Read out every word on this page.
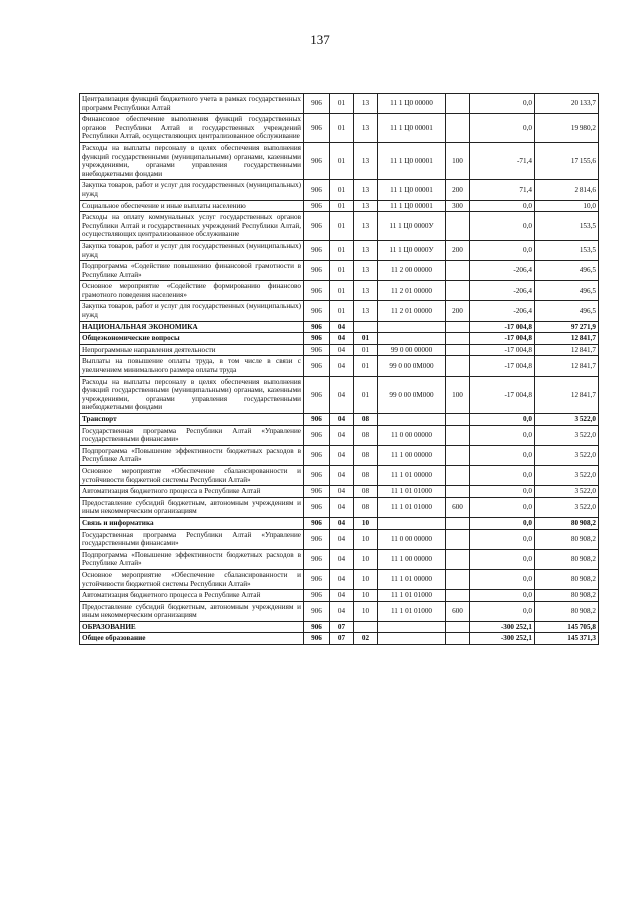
137
Централизация функций бюджетного учета в рамках государственных программ Республики Алтай	906	01	13	11 1 Ц0 00000		0,0	20 133,7
Финансовое обеспечение выполнения функций государственных органов Республики Алтай и государственных учреждений Республики Алтай, осуществляющих централизованное обслуживание	906	01	13	11 1 Ц0 00001		0,0	19 980,2
Расходы на выплаты персоналу в целях обеспечения выполнения функций государственными (муниципальными) органами, казенными учреждениями, органами управления государственными внебюджетными фондами	906	01	13	11 1 Ц0 00001	100	-71,4	17 155,6
Закупка товаров, работ и услуг для государственных (муниципальных) нужд	906	01	13	11 1 Ц0 00001	200	71,4	2 814,6
Социальное обеспечение и иные выплаты населению	906	01	13	11 1 Ц0 00001	300	0,0	10,0
Расходы на оплату коммунальных услуг государственных органов Республики Алтай и государственных учреждений Республики Алтай, осуществляющих централизованное обслуживание	906	01	13	11 1 Ц0 0000У		0,0	153,5
Закупка товаров, работ и услуг для государственных (муниципальных) нужд	906	01	13	11 1 Ц0 0000У	200	0,0	153,5
Подпрограмма «Содействие повышению финансовой грамотности в Республике Алтай»	906	01	13	11 2 00 00000		-206,4	496,5
Основное мероприятие «Содействие формированию финансово грамотного поведения населения»	906	01	13	11 2 01 00000		-206,4	496,5
Закупка товаров, работ и услуг для государственных (муниципальных) нужд	906	01	13	11 2 01 00000	200	-206,4	496,5
НАЦИОНАЛЬНАЯ ЭКОНОМИКА	906	04				-17 004,8	97 271,9
Общеэкономические вопросы	906	04	01			-17 004,8	12 841,7
Непрограммные направления деятельности	906	04	01	99 0 00 00000		-17 004,8	12 841,7
Выплаты на повышение оплаты труда, в том числе в связи с увеличением минимального размера оплаты труда	906	04	01	99 0 00 0М000		-17 004,8	12 841,7
Расходы на выплаты персоналу в целях обеспечения выполнения функций государственными (муниципальными) органами, казенными учреждениями, органами управления государственными внебюджетными фондами	906	04	01	99 0 00 0М000	100	-17 004,8	12 841,7
Транспорт	906	04	08			0,0	3 522,0
Государственная программа Республики Алтай «Управление государственными финансами»	906	04	08	11 0 00 00000		0,0	3 522,0
Подпрограмма «Повышение эффективности бюджетных расходов в Республике Алтай»	906	04	08	11 1 00 00000		0,0	3 522,0
Основное мероприятие «Обеспечение сбалансированности и устойчивости бюджетной системы Республики Алтай»	906	04	08	11 1 01 00000		0,0	3 522,0
Автоматизация бюджетного процесса в Республике Алтай	906	04	08	11 1 01 01000		0,0	3 522,0
Предоставление субсидий бюджетным, автономным учреждениям и иным некоммерческим организациям	906	04	08	11 1 01 01000	600	0,0	3 522,0
Связь и информатика	906	04	10			0,0	80 908,2
Государственная программа Республики Алтай «Управление государственными финансами»	906	04	10	11 0 00 00000		0,0	80 908,2
Подпрограмма «Повышение эффективности бюджетных расходов в Республике Алтай»	906	04	10	11 1 00 00000		0,0	80 908,2
Основное мероприятие «Обеспечение сбалансированности и устойчивости бюджетной системы Республики Алтай»	906	04	10	11 1 01 00000		0,0	80 908,2
Автоматизация бюджетного процесса в Республике Алтай	906	04	10	11 1 01 01000		0,0	80 908,2
Предоставление субсидий бюджетным, автономным учреждениям и иным некоммерческим организациям	906	04	10	11 1 01 01000	600	0,0	80 908,2
ОБРАЗОВАНИЕ	906	07				-300 252,1	145 705,8
Общее образование	906	07	02			-300 252,1	145 371,3
